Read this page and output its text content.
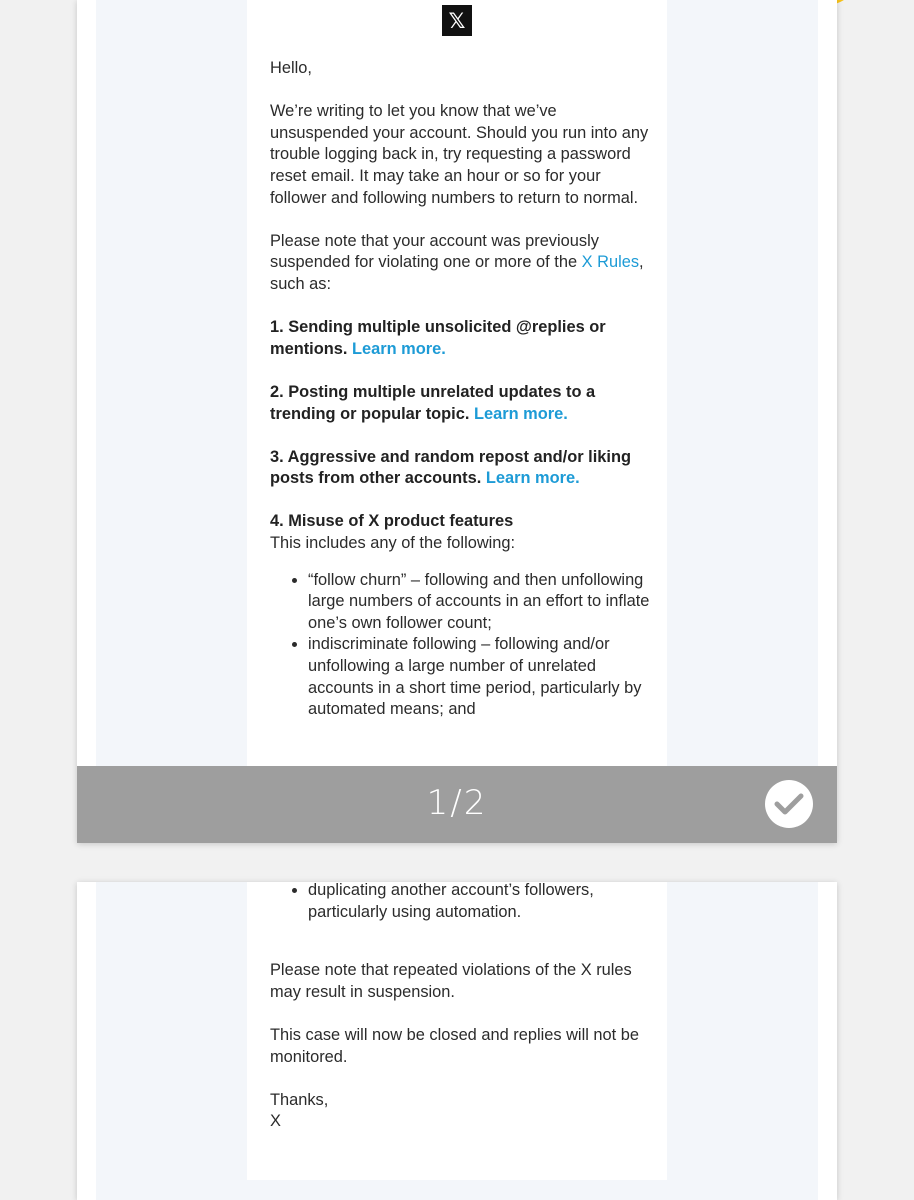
𝕏

Hello,

We’re writing to let you know that we’ve unsuspended your account. Should you run into any trouble logging back in, try requesting a password reset email. It may take an hour or so for your follower and following numbers to return to normal.

Please note that your account was previously suspended for violating one or more of the X Rules, such as:

1. Sending multiple unsolicited @replies or mentions. Learn more.

2. Posting multiple unrelated updates to a trending or popular topic. Learn more.

3. Aggressive and random repost and/or liking posts from other accounts. Learn more.

4. Misuse of X product features

This includes any of the following:

• “follow churn” – following and then unfollowing large numbers of accounts in an effort to inflate one’s own follower count;
• indiscriminate following – following and/or unfollowing a large number of unrelated accounts in a short time period, particularly by automated means; and
1/2
• duplicating another account’s followers, particularly using automation.

Please note that repeated violations of the X rules may result in suspension.

This case will now be closed and replies will not be monitored.

Thanks,

X
